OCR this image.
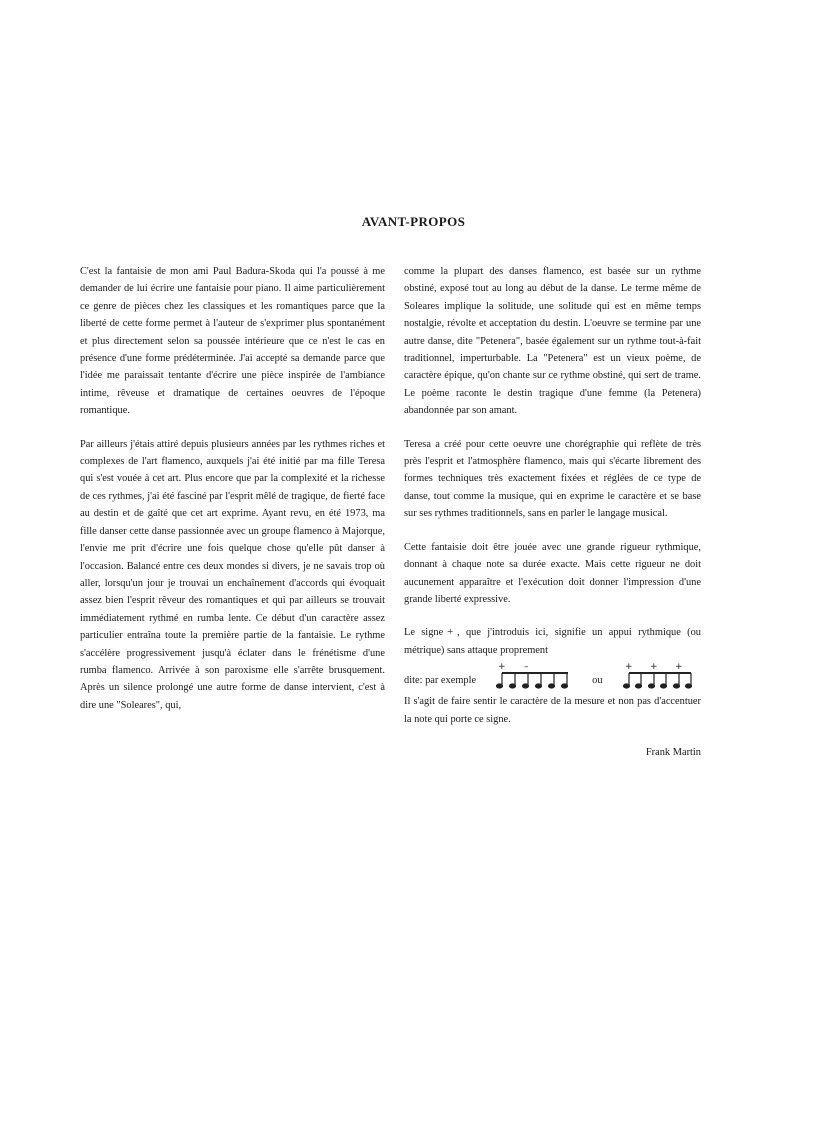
AVANT-PROPOS

C'est la fantaisie de mon ami Paul Badura-Skoda qui l'a poussé à me demander de lui écrire une fantaisie pour piano. Il aime particulièrement ce genre de pièces chez les classiques et les romantiques parce que la liberté de cette forme permet à l'auteur de s'exprimer plus spontanément et plus directement selon sa poussée intérieure que ce n'est le cas en présence d'une forme prédéterminée. J'ai accepté sa demande parce que l'idée me paraissait tentante d'écrire une pièce inspirée de l'ambiance intime, rêveuse et dramatique de certaines oeuvres de l'époque romantique.

Par ailleurs j'étais attiré depuis plusieurs années par les rythmes riches et complexes de l'art flamenco, auxquels j'ai été initié par ma fille Teresa qui s'est vouée à cet art. Plus encore que par la complexité et la richesse de ces rythmes, j'ai été fasciné par l'esprit mêlé de tragique, de fierté face au destin et de gaîté que cet art exprime. Ayant revu, en été 1973, ma fille danser cette danse passionnée avec un groupe flamenco à Majorque, l'envie me prit d'écrire une fois quelque chose qu'elle pût danser à l'occasion. Balancé entre ces deux mondes si divers, je ne savais trop où aller, lorsqu'un jour je trouvai un enchaînement d'accords qui évoquait assez bien l'esprit rêveur des romantiques et qui par ailleurs se trouvait immédiatement rythmé en rumba lente. Ce début d'un caractère assez particulier entraîna toute la première partie de la fantaisie. Le rythme s'accélère progressivement jusqu'à éclater dans le frénétisme d'une rumba flamenco. Arrivée à son paroxisme elle s'arrête brusquement. Après un silence prolongé une autre forme de danse intervient, c'est à dire une "Soleares", qui,

comme la plupart des danses flamenco, est basée sur un rythme obstiné, exposé tout au long au début de la danse. Le terme même de Soleares implique la solitude, une solitude qui est en même temps nostalgie, révolte et acceptation du destin. L'oeuvre se termine par une autre danse, dite "Petenera", basée également sur un rythme tout-à-fait traditionnel, imperturbable. La "Petenera" est un vieux poème, de caractère épique, qu'on chante sur ce rythme obstiné, qui sert de trame. Le poème raconte le destin tragique d'une femme (la Petenera) abandonnée par son amant.

Teresa a créé pour cette oeuvre une chorégraphie qui reflète de très près l'esprit et l'atmosphère flamenco, mais qui s'écarte librement des formes techniques très exactement fixées et réglées de ce type de danse, tout comme la musique, qui en exprime le caractère et se base sur ses rythmes traditionnels, sans en parler le langage musical.

Cette fantaisie doit être jouée avec une grande rigueur rythmique, donnant à chaque note sa durée exacte. Mais cette rigueur ne doit aucunement apparaître et l'exécution doit donner l'impression d'une grande liberté expressive.

Le signe + , que j'introduis ici, signifie un appui rythmique (ou métrique) sans attaque proprement

dite: par exemple
+ –
ou
+ + +

Il s'agit de faire sentir le caractère de la mesure et non pas d'accentuer la note qui porte ce signe.

Frank Martin
